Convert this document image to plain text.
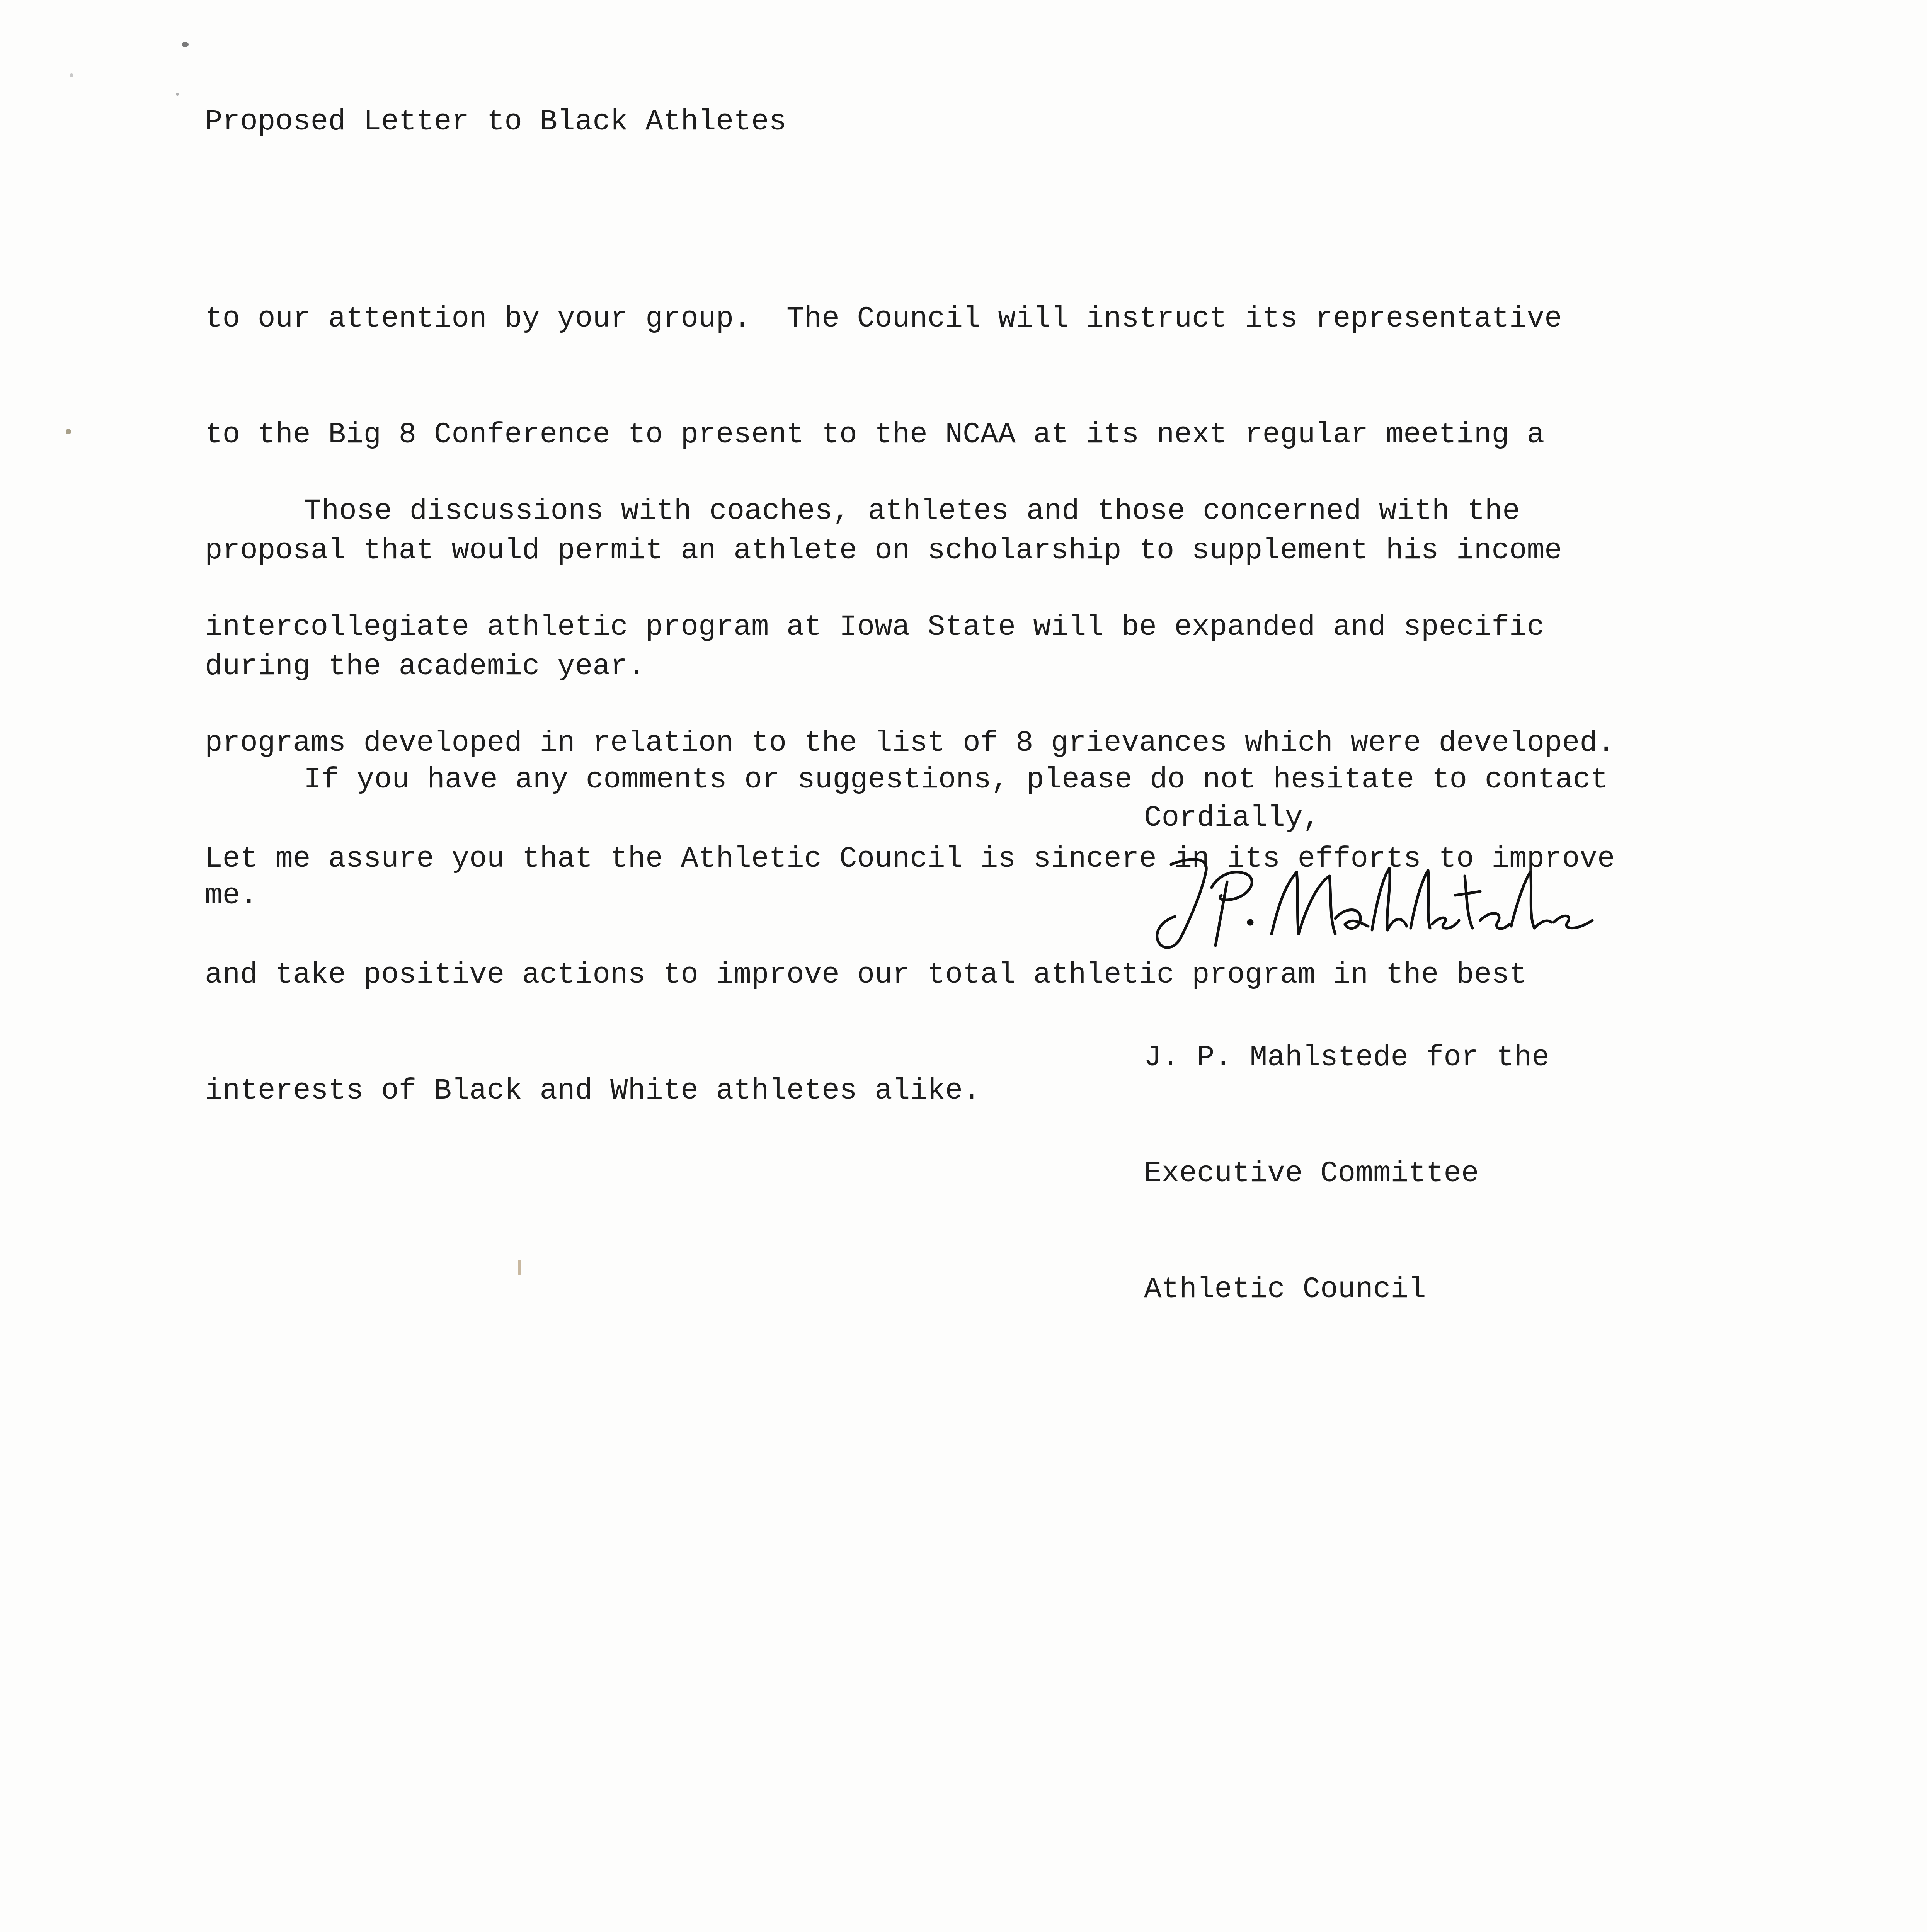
Proposed Letter to Black Athletes

to our attention by your group.  The Council will instruct its representative

to the Big 8 Conference to present to the NCAA at its next regular meeting a

proposal that would permit an athlete on scholarship to supplement his income

during the academic year.

Those discussions with coaches, athletes and those concerned with the

intercollegiate athletic program at Iowa State will be expanded and specific

programs developed in relation to the list of 8 grievances which were developed.

Let me assure you that the Athletic Council is sincere in its efforts to improve

and take positive actions to improve our total athletic program in the best

interests of Black and White athletes alike.

If you have any comments or suggestions, please do not hesitate to contact

me.

Cordially,

J. P. Mahlstede for the

Executive Committee

Athletic Council
